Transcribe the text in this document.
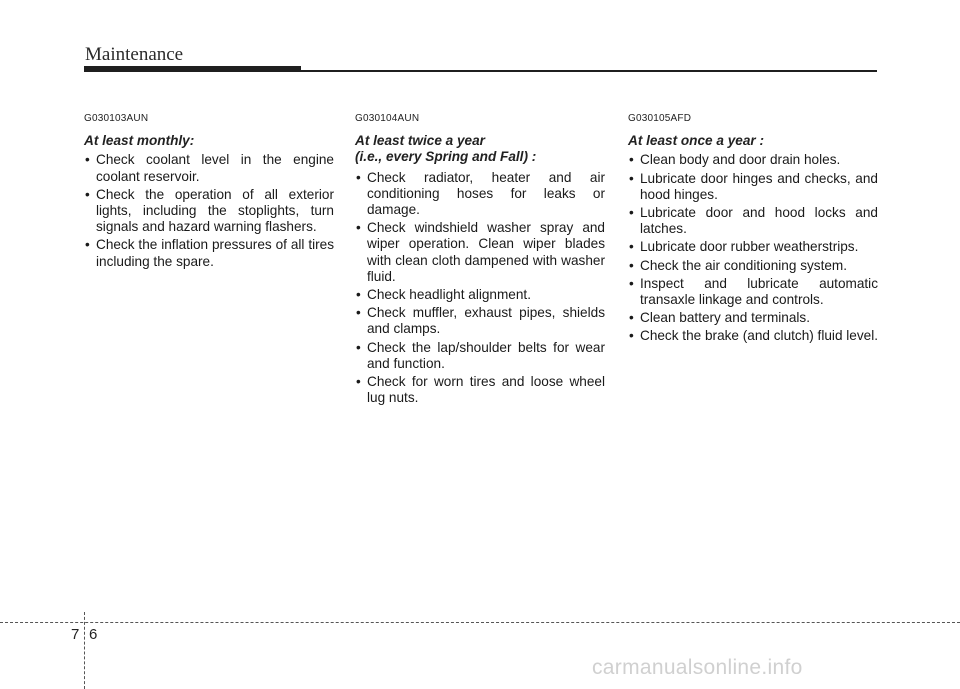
Maintenance
G030103AUN
At least monthly:
• Check coolant level in the engine coolant reservoir.
• Check the operation of all exterior lights, including the stoplights, turn signals and hazard warning flashers.
• Check the inflation pressures of all tires including the spare.
G030104AUN
At least twice a year
(i.e., every Spring and Fall) :
• Check radiator, heater and air conditioning hoses for leaks or damage.
• Check windshield washer spray and wiper operation. Clean wiper blades with clean cloth dampened with washer fluid.
• Check headlight alignment.
• Check muffler, exhaust pipes, shields and clamps.
• Check the lap/shoulder belts for wear and function.
• Check for worn tires and loose wheel lug nuts.
G030105AFD
At least once a year :
• Clean body and door drain holes.
• Lubricate door hinges and checks, and hood hinges.
• Lubricate door and hood locks and latches.
• Lubricate door rubber weatherstrips.
• Check the air conditioning system.
• Inspect and lubricate automatic transaxle linkage and controls.
• Clean battery and terminals.
• Check the brake (and clutch) fluid level.
7 6
carmanualsonline.info
